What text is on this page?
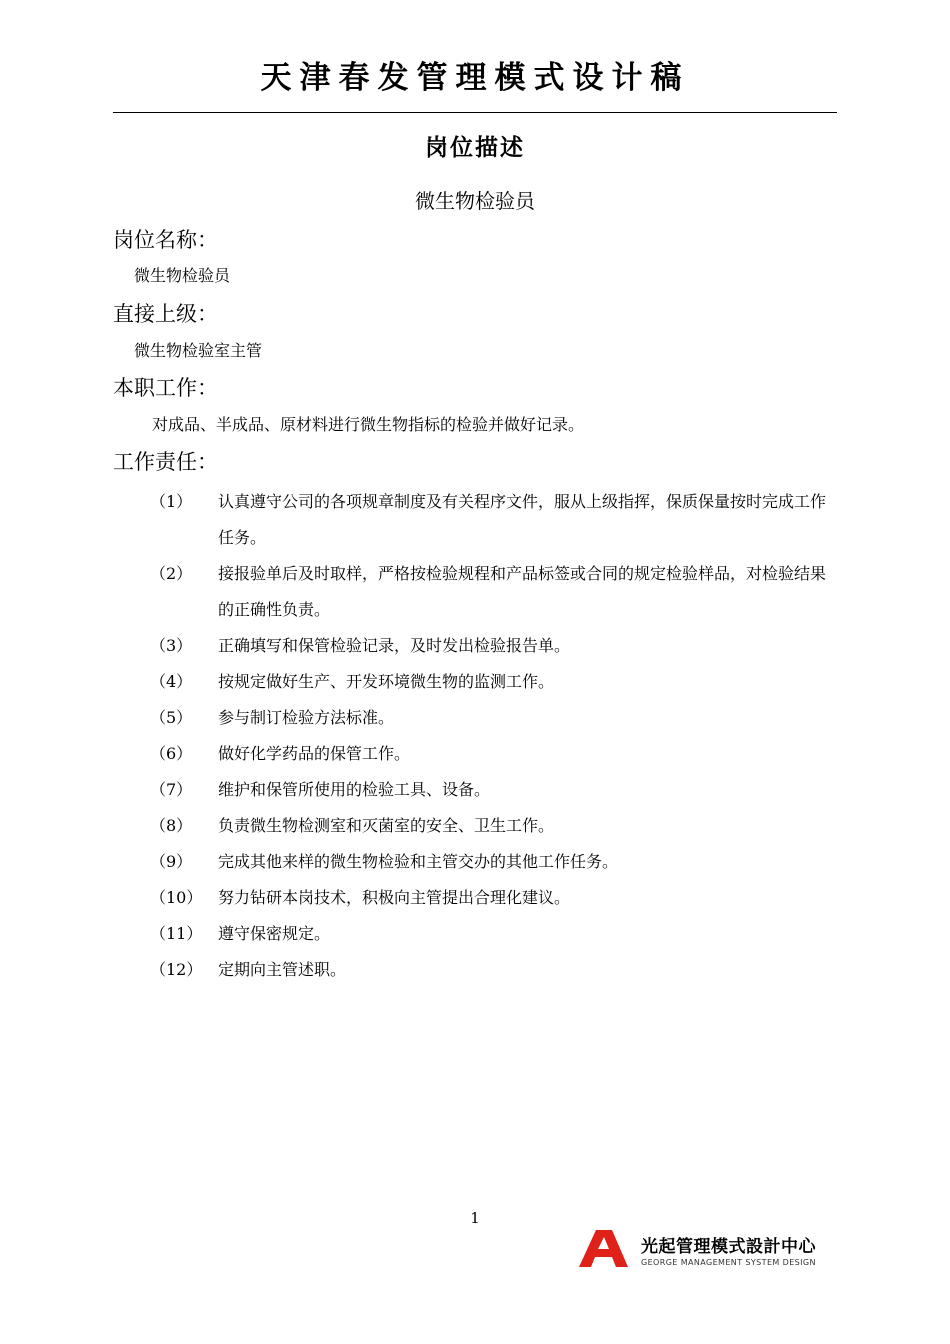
天津春发管理模式设计稿
岗位描述
微生物检验员
岗位名称：
微生物检验员
直接上级：
微生物检验室主管
本职工作：
对成品、半成品、原材料进行微生物指标的检验并做好记录。
工作责任：
（1）	认真遵守公司的各项规章制度及有关程序文件，服从上级指挥，保质保量按时完成工作任务。
（2）	接报验单后及时取样，严格按检验规程和产品标签或合同的规定检验样品，对检验结果的正确性负责。
（3）	正确填写和保管检验记录，及时发出检验报告单。
（4）	按规定做好生产、开发环境微生物的监测工作。
（5）	参与制订检验方法标准。
（6）	做好化学药品的保管工作。
（7）	维护和保管所使用的检验工具、设备。
（8）	负责微生物检测室和灭菌室的安全、卫生工作。
（9）	完成其他来样的微生物检验和主管交办的其他工作任务。
（10） 努力钻研本岗技术，积极向主管提出合理化建议。
（11） 遵守保密规定。
（12） 定期向主管述职。
1
光起管理模式設計中心
GEORGE MANAGEMENT SYSTEM DESIGN
